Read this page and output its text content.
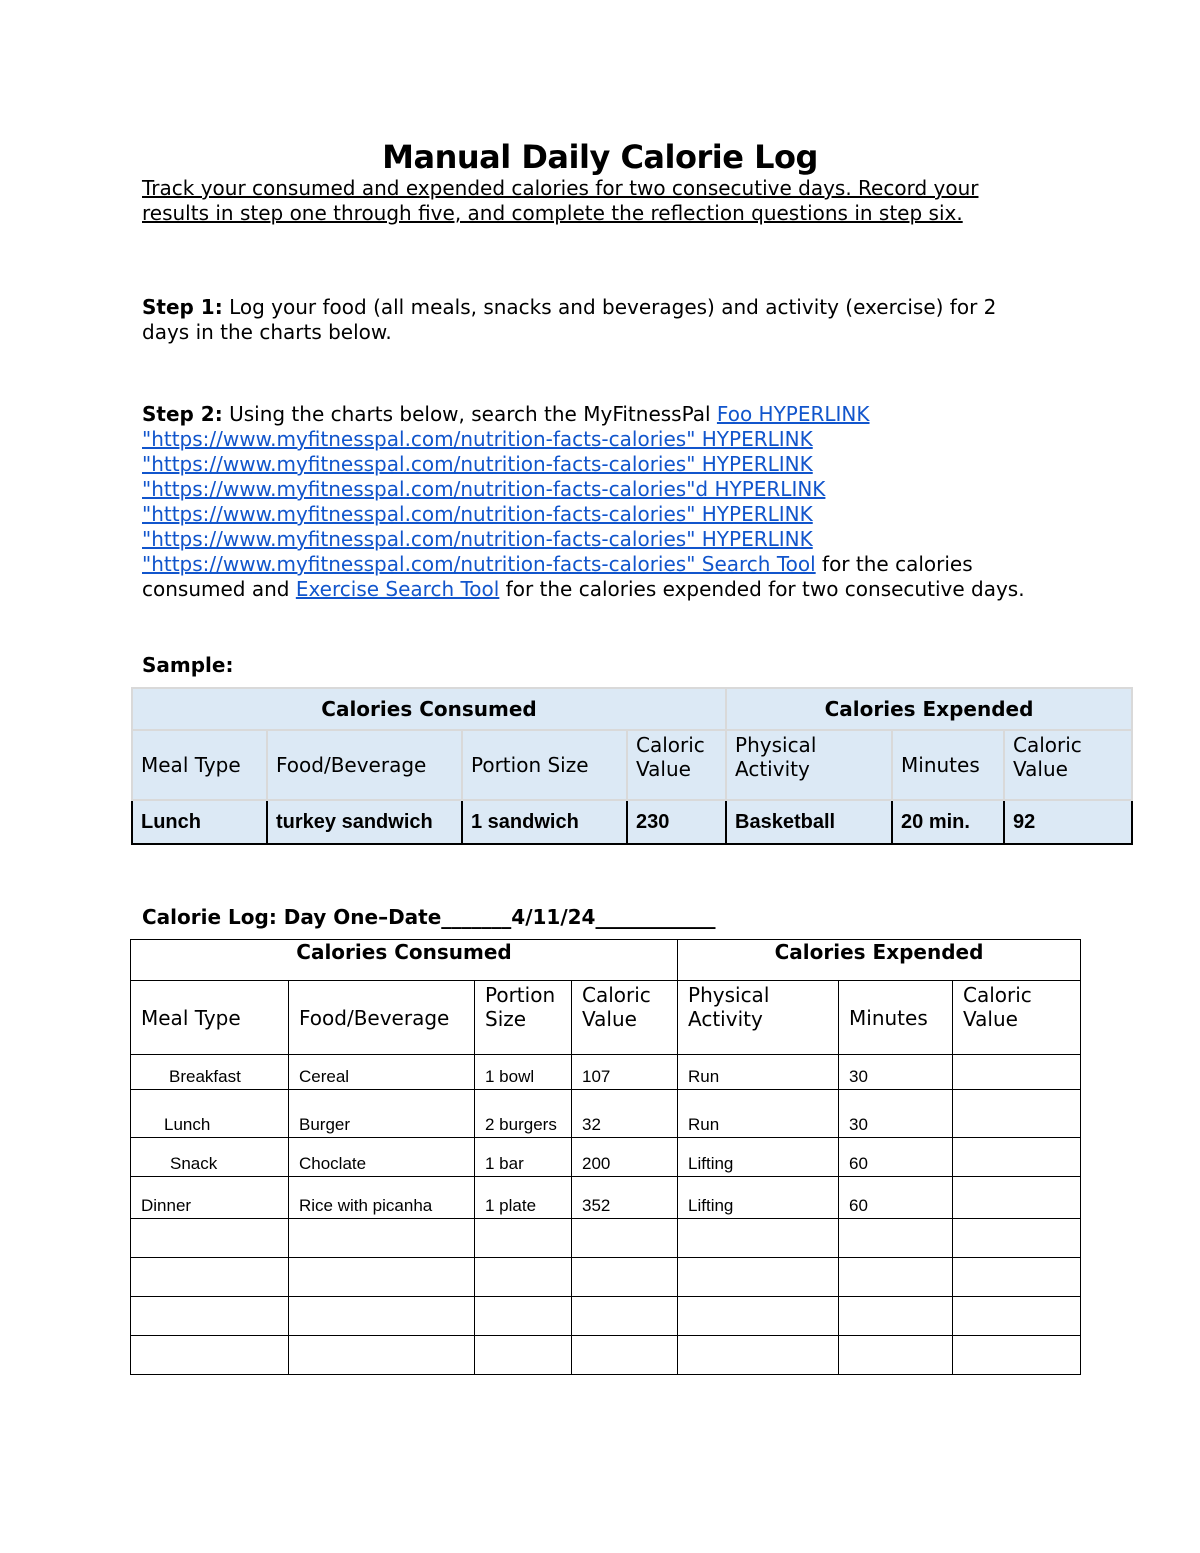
Manual Daily Calorie Log
Track your consumed and expended calories for two consecutive days. Record your results in step one through five, and complete the reflection questions in step six.
Step 1: Log your food (all meals, snacks and beverages) and activity (exercise) for 2 days in the charts below.
Step 2: Using the charts below, search the MyFitnessPal Foo HYPERLINK "https://www.myfitnesspal.com/nutrition-facts-calories" HYPERLINK "https://www.myfitnesspal.com/nutrition-facts-calories" HYPERLINK "https://www.myfitnesspal.com/nutrition-facts-calories"d HYPERLINK "https://www.myfitnesspal.com/nutrition-facts-calories" HYPERLINK "https://www.myfitnesspal.com/nutrition-facts-calories" HYPERLINK "https://www.myfitnesspal.com/nutrition-facts-calories" Search Tool for the calories consumed and Exercise Search Tool for the calories expended for two consecutive days.
Sample:
Calories Consumed				Calories Expended		
Meal Type	Food/Beverage	Portion Size	Caloric Value	Physical Activity	Minutes	Caloric Value
Lunch	turkey sandwich	1 sandwich	230	Basketball	20 min.	92
Calorie Log: Day One–Date_______4/11/24____________
Calories Consumed				Calories Expended		
Meal Type	Food/Beverage	Portion Size	Caloric Value	Physical Activity	Minutes	Caloric Value
Breakfast	Cereal	1 bowl	107	Run	30	
Lunch	Burger	2 burgers	32	Run	30	
Snack	Choclate	1 bar	200	Lifting	60	
Dinner	Rice with picanha	1 plate	352	Lifting	60	
